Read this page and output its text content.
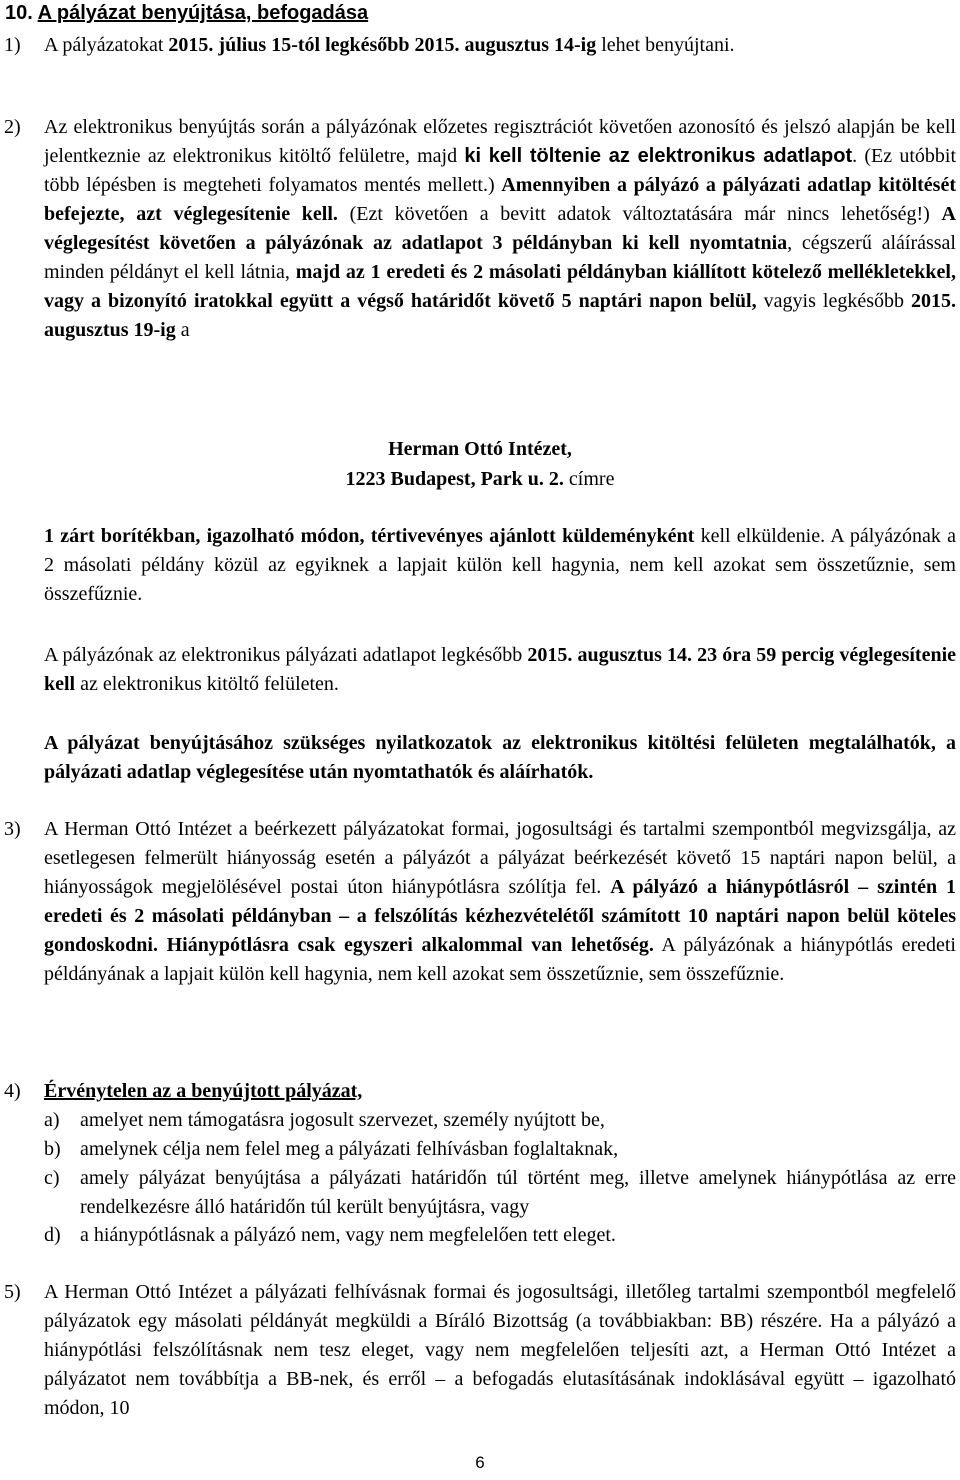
10. A pályázat benyújtása, befogadása
1)	A pályázatokat 2015. július 15-tól legkésőbb 2015. augusztus 14-ig lehet benyújtani.
2)	Az elektronikus benyújtás során a pályázónak előzetes regisztrációt követően azonosító és jelszó alapján be kell jelentkeznie az elektronikus kitöltő felületre, majd ki kell töltenie az elektronikus adatlapot. (Ez utóbbit több lépésben is megteheti folyamatos mentés mellett.) Amennyiben a pályázó a pályázati adatlap kitöltését befejezte, azt véglegesítenie kell. (Ezt követően a bevitt adatok változtatására már nincs lehetőség!) A véglegesítést követően a pályázónak az adatlapot 3 példányban ki kell nyomtatnia, cégszerű aláírással minden példányt el kell látnia, majd az 1 eredeti és 2 másolati példányban kiállított kötelező mellékletekkel, vagy a bizonyító iratokkal együtt a végső határidőt követő 5 naptári napon belül, vagyis legkésőbb 2015. augusztus 19-ig a
Herman Ottó Intézet,
1223 Budapest, Park u. 2. címre
1 zárt borítékban, igazolható módon, tértivevényes ajánlott küldeményként kell elküldenie. A pályázónak a 2 másolati példány közül az egyiknek a lapjait külön kell hagynia, nem kell azokat sem összetűznie, sem összefűznie.
A pályázónak az elektronikus pályázati adatlapot legkésőbb 2015. augusztus 14. 23 óra 59 percig véglegesítenie kell az elektronikus kitöltő felületen.
A pályázat benyújtásához szükséges nyilatkozatok az elektronikus kitöltési felületen megtalálhatók, a pályázati adatlap véglegesítése után nyomtathatók és aláírhatók.
3)	A Herman Ottó Intézet a beérkezett pályázatokat formai, jogosultsági és tartalmi szempontból megvizsgálja, az esetlegesen felmerült hiányosság esetén a pályázót a pályázat beérkezését követő 15 naptári napon belül, a hiányosságok megjelölésével postai úton hiánypótlásra szólítja fel. A pályázó a hiánypótlásról – szintén 1 eredeti és 2 másolati példányban – a felszólítás kézhezvételétől számított 10 naptári napon belül köteles gondoskodni. Hiánypótlásra csak egyszeri alkalommal van lehetőség. A pályázónak a hiánypótlás eredeti példányának a lapjait külön kell hagynia, nem kell azokat sem összetűznie, sem összefűznie.
4)	Érvénytelen az a benyújtott pályázat,
a)	amelyet nem támogatásra jogosult szervezet, személy nyújtott be,
b) amelynek célja nem felel meg a pályázati felhívásban foglaltaknak,
c)	amely pályázat benyújtása a pályázati határidőn túl történt meg, illetve amelynek hiánypótlása az erre rendelkezésre álló határidőn túl került benyújtásra, vagy
d) a hiánypótlásnak a pályázó nem, vagy nem megfelelően tett eleget.
5)	A Herman Ottó Intézet a pályázati felhívásnak formai és jogosultsági, illetőleg tartalmi szempontból megfelelő pályázatok egy másolati példányát megküldi a Bíráló Bizottság (a továbbiakban: BB) részére. Ha a pályázó a hiánypótlási felszólításnak nem tesz eleget, vagy nem megfelelően teljesíti azt, a Herman Ottó Intézet a pályázatot nem továbbítja a BB-nek, és erről – a befogadás elutasításának indoklásával együtt – igazolható módon, 10
6
